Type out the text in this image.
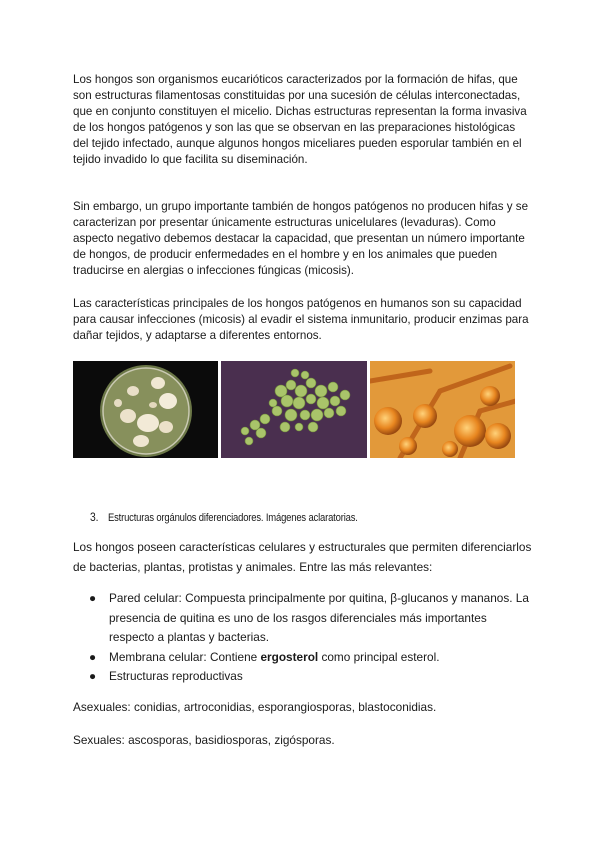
Los hongos son organismos eucarióticos caracterizados por la formación de hifas, que son estructuras filamentosas constituidas por una sucesión de células interconectadas, que en conjunto constituyen el micelio. Dichas estructuras representan la forma invasiva de los hongos patógenos y son las que se observan en las preparaciones histológicas del tejido infectado, aunque algunos hongos miceliares pueden esporular también en el tejido invadido lo que facilita su diseminación.

Sin embargo, un grupo importante también de hongos patógenos no producen hifas y se caracterizan por presentar únicamente estructuras unicelulares (levaduras). Como aspecto negativo debemos destacar la capacidad, que presentan un número importante de hongos, de producir enfermedades en el hombre y en los animales que pueden traducirse en alergias o infecciones fúngicas (micosis).

Las características principales de los hongos patógenos en humanos son su capacidad para causar infecciones (micosis) al evadir el sistema inmunitario, producir enzimas para dañar tejidos, y adaptarse a diferentes entornos.

3. Estructuras orgánulos diferenciadores. Imágenes aclaratorias.

Los hongos poseen características celulares y estructurales que permiten diferenciarlos de bacterias, plantas, protistas y animales. Entre las más relevantes:

● Pared celular: Compuesta principalmente por quitina, β-glucanos y mananos. La presencia de quitina es uno de los rasgos diferenciales más importantes respecto a plantas y bacterias.
● Membrana celular: Contiene ergosterol como principal esterol.
● Estructuras reproductivas

Asexuales: conidias, artroconidias, esporangiosporas, blastoconidias.

Sexuales: ascosporas, basidiosporas, zigósporas.
